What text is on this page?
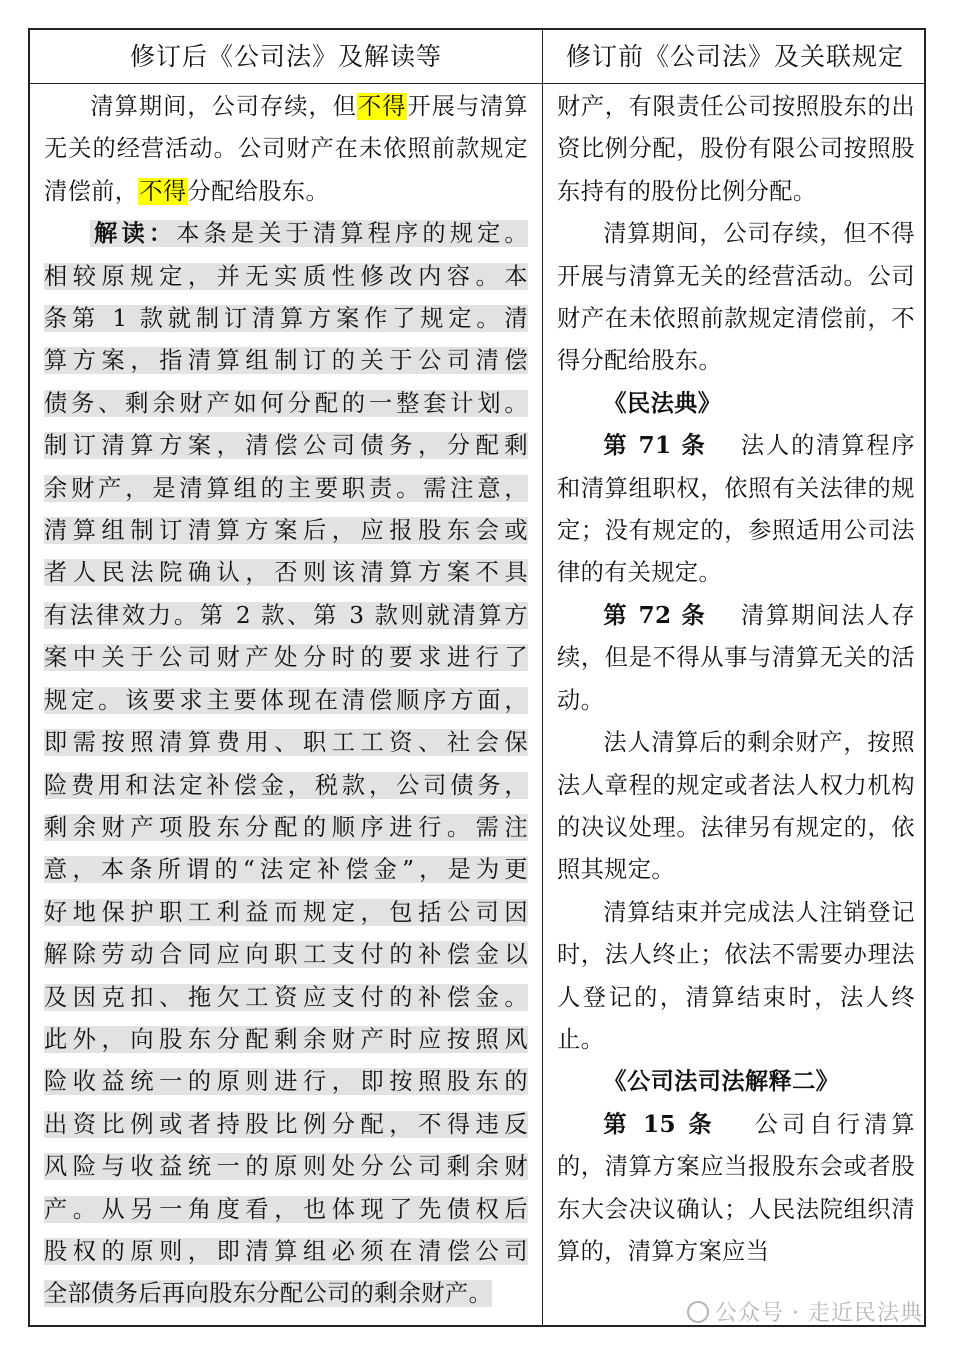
修订后《公司法》及解读等	修订前《公司法》及关联规定

清算期间，公司存续，但不得开展与清算无关的经营活动。公司财产在未依照前款规定清偿前，不得分配给股东。

解读：本条是关于清算程序的规定。

相较原规定，并无实质性修改内容。本

条第 1 款就制订清算方案作了规定。清

算方案，指清算组制订的关于公司清偿

债务、剩余财产如何分配的一整套计划。

制订清算方案，清偿公司债务，分配剩

余财产，是清算组的主要职责。需注意，

清算组制订清算方案后，应报股东会或

者人民法院确认，否则该清算方案不具

有法律效力。第 2 款、第 3 款则就清算方

案中关于公司财产处分时的要求进行了

规定。该要求主要体现在清偿顺序方面，

即需按照清算费用、职工工资、社会保

险费用和法定补偿金，税款，公司债务，

剩余财产项股东分配的顺序进行。需注

意，本条所谓的“法定补偿金”，是为更

好地保护职工利益而规定，包括公司因

解除劳动合同应向职工支付的补偿金以

及因克扣、拖欠工资应支付的补偿金。

此外，向股东分配剩余财产时应按照风

险收益统一的原则进行，即按照股东的

出资比例或者持股比例分配，不得违反

风险与收益统一的原则处分公司剩余财

产。从另一角度看，也体现了先债权后

股权的原则，即清算组必须在清偿公司

全部债务后再向股东分配公司的剩余财产。

财产，有限责任公司按照股东的出资比例分配，股份有限公司按照股东持有的股份比例分配。

清算期间，公司存续，但不得开展与清算无关的经营活动。公司财产在未依照前款规定清偿前，不得分配给股东。

《民法典》

第 71 条　 法人的清算程序和清算组职权，依照有关法律的规定；没有规定的，参照适用公司法律的有关规定。

第 72 条　 清算期间法人存续，但是不得从事与清算无关的活动。

法人清算后的剩余财产，按照法人章程的规定或者法人权力机构的决议处理。法律另有规定的，依照其规定。

清算结束并完成法人注销登记时，法人终止；依法不需要办理法人登记的，清算结束时，法人终止。

《公司法司法解释二》

第 15 条　 公司自行清算的，清算方案应当报股东会或者股东大会决议确认；人民法院组织清算的，清算方案应当

公众号 · 走近民法典
